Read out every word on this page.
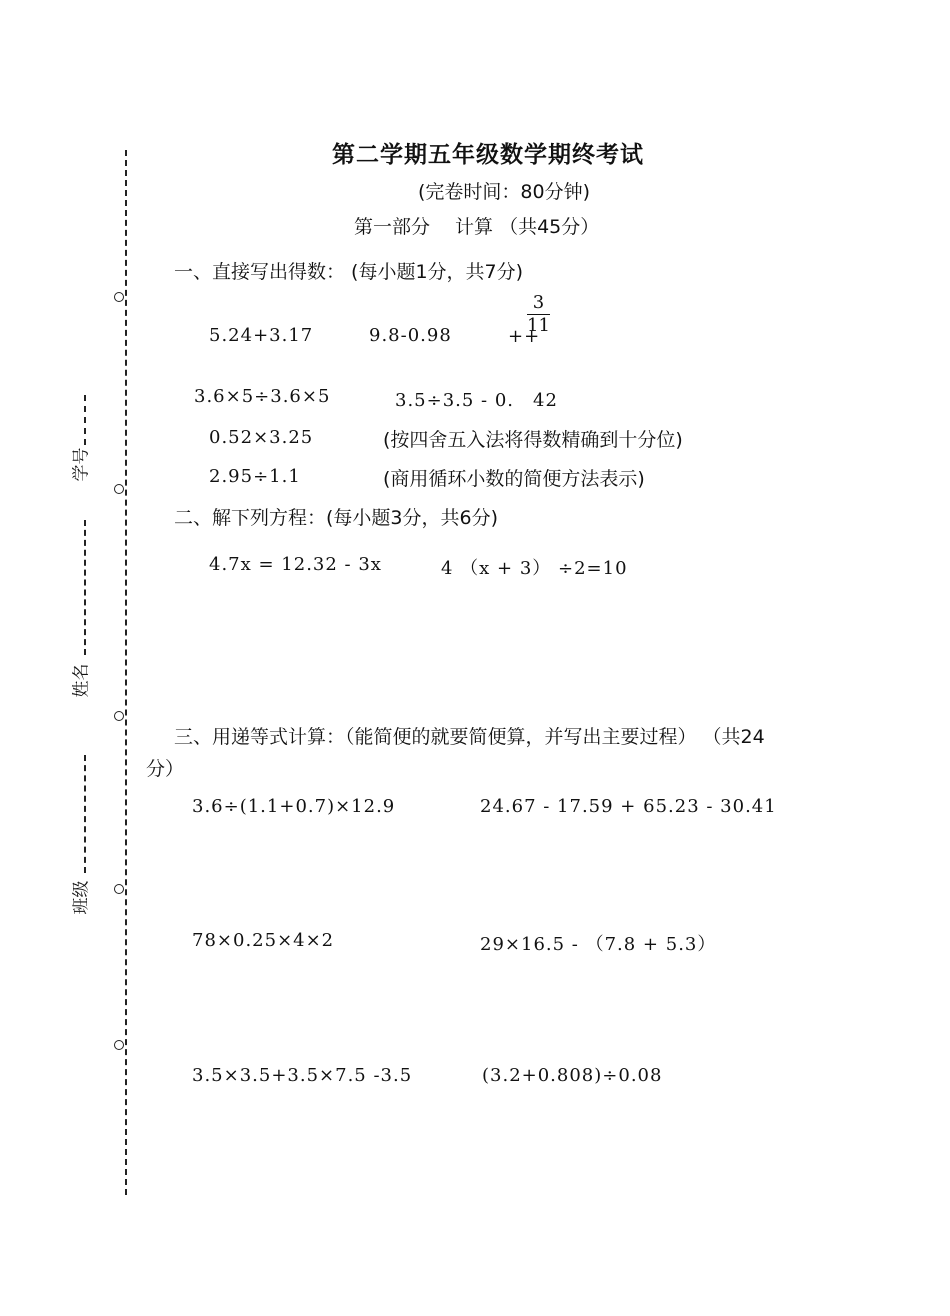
学号
姓名
班级
第二学期五年级数学期终考试
(完卷时间：80分钟)
第一部分　 计算 （共45分）
一、直接写出得数： (每小题1分，共7分)
5.24+3.17	9.8-0.98	++
$\frac{3}{11}$
3.6×5÷3.6×5	3.5÷3.5 - 0.　42
0.52×3.25	(按四舍五入法将得数精确到十分位)
2.95÷1.1	(商用循环小数的简便方法表示)
二、解下列方程：(每小题3分，共6分)
4.7x = 12.32 - 3x	4 （x + 3） ÷2=10
三、用递等式计算：（能简便的就要简便算，并写出主要过程） （共24
分）
3.6÷(1.1+0.7)×12.9	24.67 - 17.59 + 65.23 - 30.41
78×0.25×4×2	29×16.5 - （7.8 + 5.3）
3.5×3.5+3.5×7.5 -3.5	(3.2+0.808)÷0.08
